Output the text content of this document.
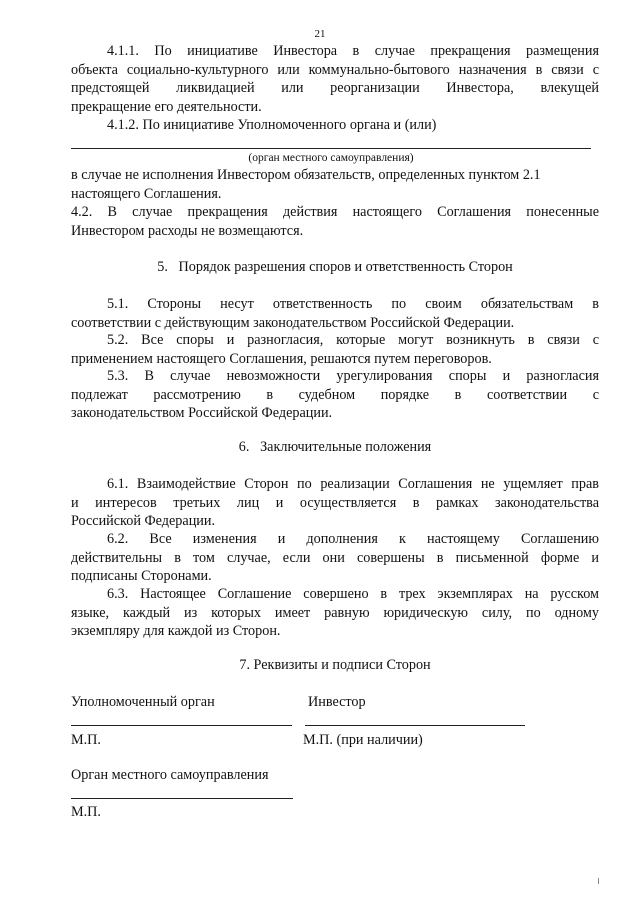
21
4.1.1. По инициативе Инвестора в случае прекращения размещения
объекта социально-культурного или коммунально-бытового назначения в связи с
предстоящей ликвидацией или реорганизации Инвестора, влекущей
прекращение его деятельности.
4.1.2. По инициативе Уполномоченного органа и (или)
(орган местного самоуправления)
в случае не исполнения Инвестором обязательств, определенных пунктом 2.1
настоящего Соглашения.
4.2. В случае прекращения действия настоящего Соглашения понесенные
Инвестором расходы не возмещаются.
5.   Порядок разрешения споров и ответственность Сторон
5.1. Стороны несут ответственность по своим обязательствам в
соответствии с действующим законодательством Российской Федерации.
5.2. Все споры и разногласия, которые могут возникнуть в связи с
применением настоящего Соглашения, решаются путем переговоров.
5.3. В случае невозможности урегулирования споры и разногласия
подлежат рассмотрению в судебном порядке в соответствии с
законодательством Российской Федерации.
6.   Заключительные положения
6.1. Взаимодействие Сторон по реализации Соглашения не ущемляет прав
и интересов третьих лиц и осуществляется в рамках законодательства
Российской Федерации.
6.2. Все изменения и дополнения к настоящему Соглашению
действительны в том случае, если они совершены в письменной форме и
подписаны Сторонами.
6.3. Настоящее Соглашение совершено в трех экземплярах на русском
языке, каждый из которых имеет равную юридическую силу, по одному
экземпляру для каждой из Сторон.
7. Реквизиты и подписи Сторон
Уполномоченный орган	Инвестор
М.П.	М.П. (при наличии)
Орган местного самоуправления
М.П.
